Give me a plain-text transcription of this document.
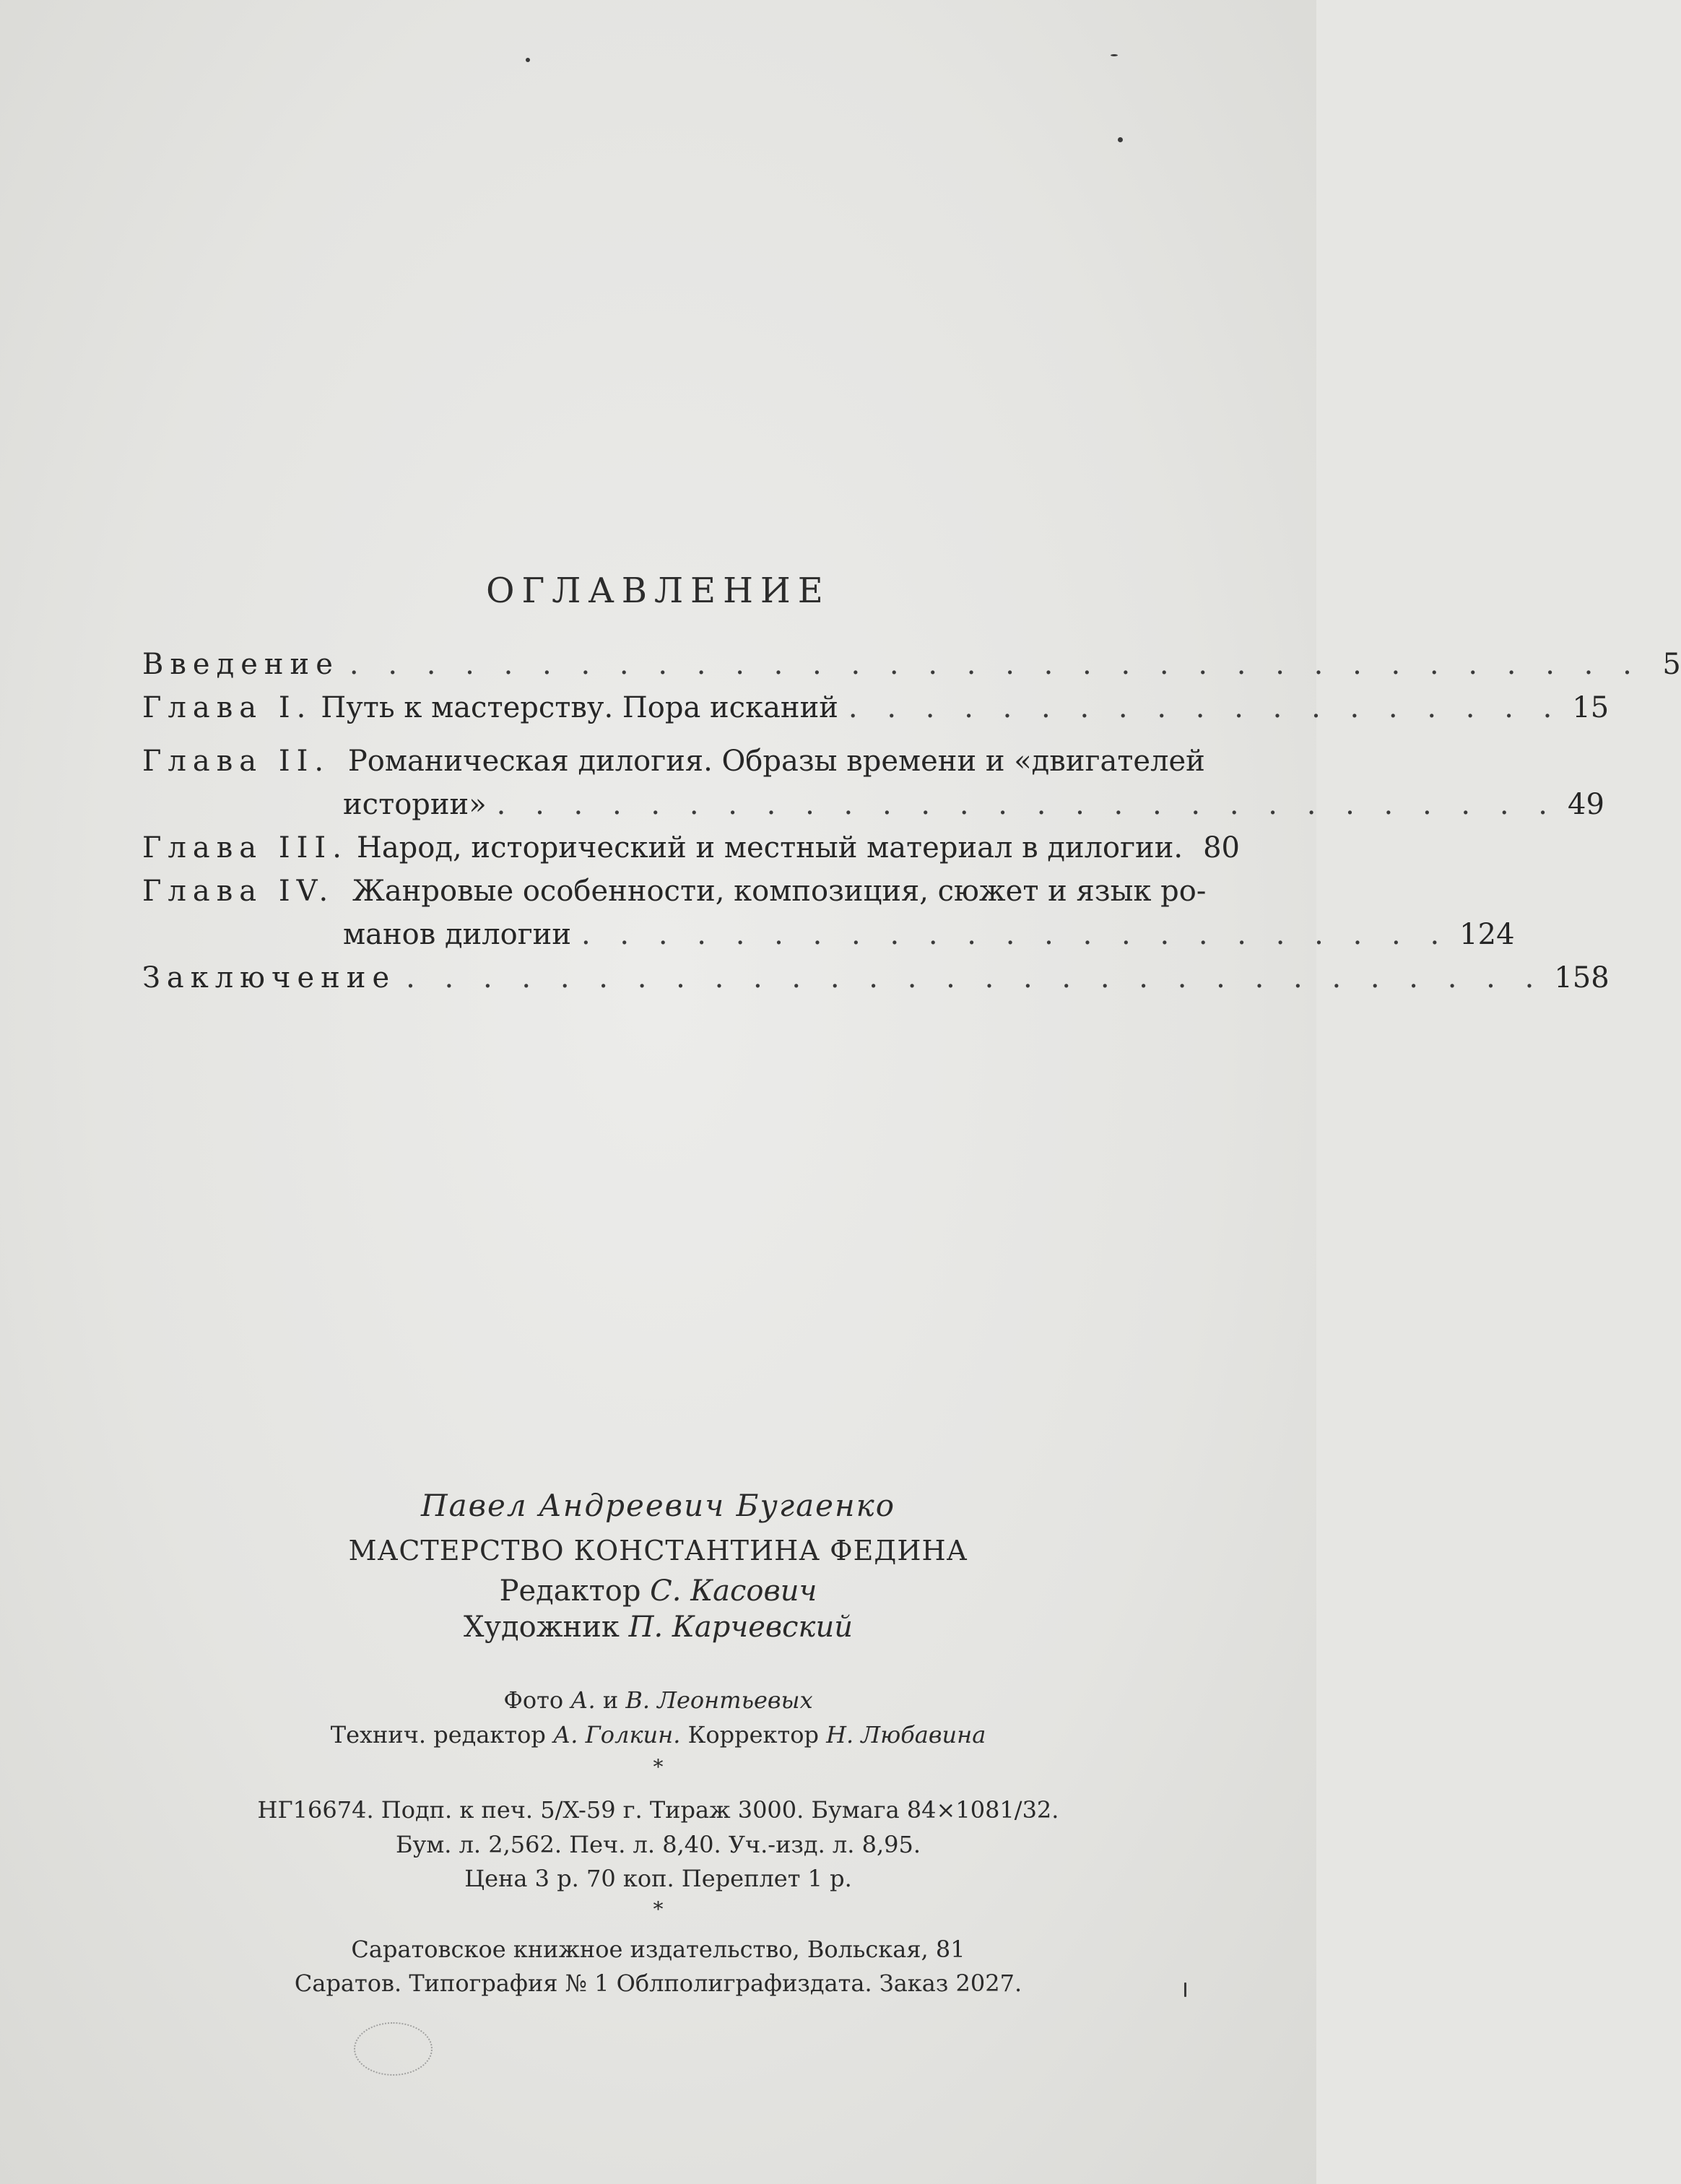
ОГЛАВЛЕНИЕ
Введение . . . . . . . . . . . . . . . . . . . . . . . . . . . . . . . . . . 5
Глава I. Путь к мастерству. Пора исканий . . . . . . . . . . . . . . . . . . . 15
Глава II. Романическая дилогия. Образы времени и «двигателей
истории» . . . . . . . . . . . . . . . . . . . . . . . . . . . . 49
Глава III. Народ, исторический и местный материал в дилогии. 80
Глава IV. Жанровые особенности, композиция, сюжет и язык ро-
манов дилогии . . . . . . . . . . . . . . . . . . . . . . . 124
Заключение . . . . . . . . . . . . . . . . . . . . . . . . . . . . . . 158
Павел Андреевич Бугаенко
МАСТЕРСТВО КОНСТАНТИНА ФЕДИНА
Редактор С. Касович
Художник П. Карчевский
Фото А. и В. Леонтьевых
Технич. редактор А. Голкин. Корректор Н. Любавина
*
НГ16674. Подп. к печ. 5/X-59 г. Тираж 3000. Бумага 84×1081/32.
Бум. л. 2,562. Печ. л. 8,40. Уч.-изд. л. 8,95.
Цена 3 р. 70 коп. Переплет 1 р.
*
Саратовское книжное издательство, Вольская, 81
Саратов. Типография № 1 Облполиграфиздата. Заказ 2027.
